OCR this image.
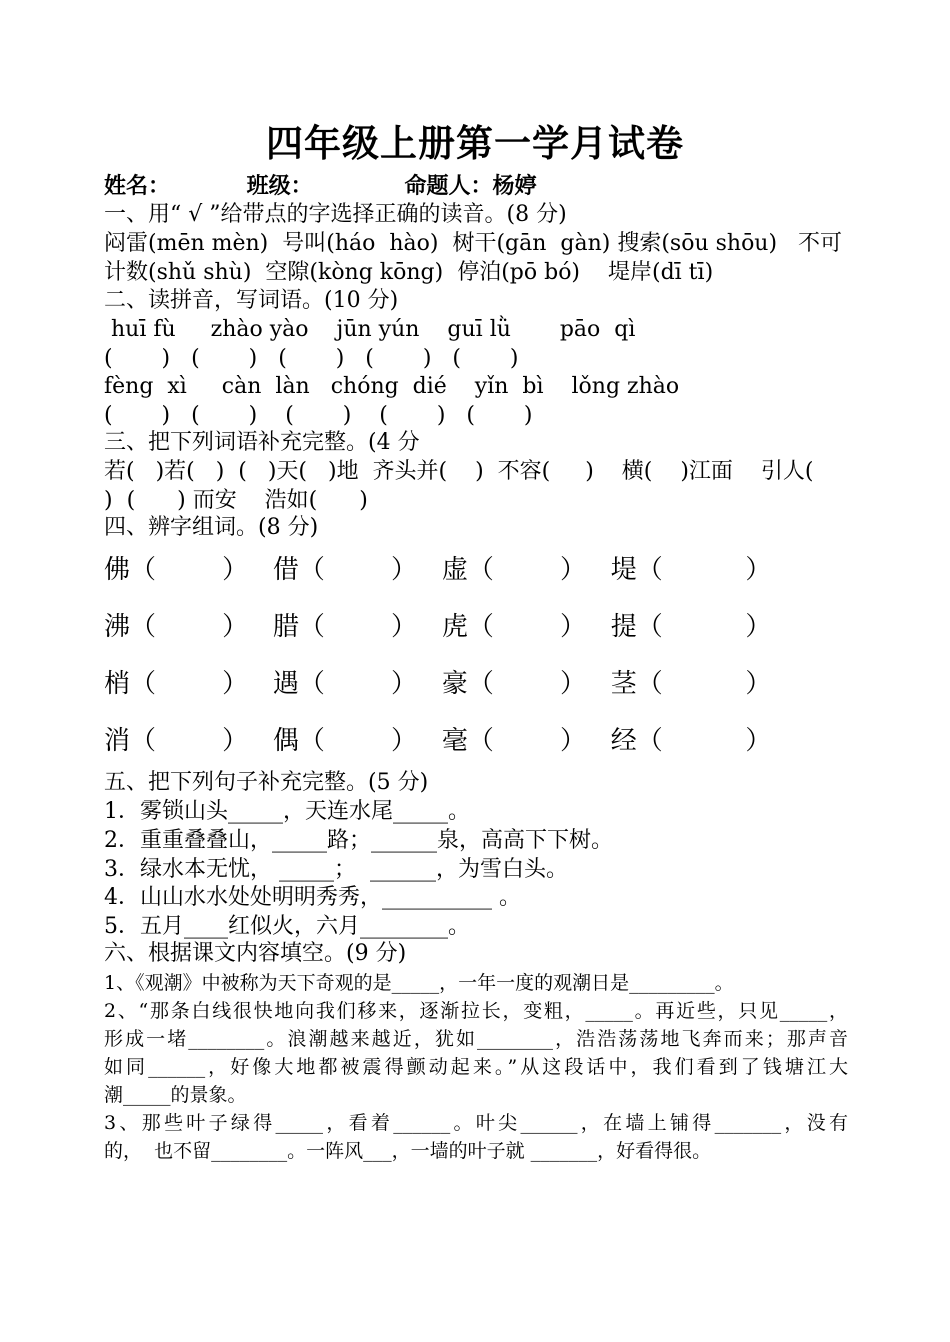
四年级上册第一学月试卷
姓名：          班级：            命题人：杨婷
一、用“ √ ”给带点的字选择正确的读音。(8 分)
闷雷(mēn mèn)  号叫(háo  hào)  树干(gān  gàn) 搜索(sōu shōu)   不可
计数(shǔ shù)  空隙(kòng kōng)  停泊(pō bó)    堤岸(dī tī)
二、读拼音，写词语。(10 分)
huī fù     zhào yào    jūn yún    guī lǜ       pāo  qì
(       )   (       )   (       )   (       )   (       )
fèng  xì     càn  làn   chóng  dié    yǐn  bì    lǒng zhào
(       )   (       )    (       )    (       )   (       )
三、把下列词语补充完整。(4 分
若(   )若(   )  (   )天(   )地  齐头并(    )  不容(     )    横(    )江面    引人(
)  (      ) 而安    浩如(      )
四、辨字组词。(8 分)
佛（        ）   借（        ）   虚（        ）   堤（          ）
沸（        ）   腊（        ）   虎（        ）   提（          ）
梢（        ）   遇（        ）   豪（        ）   茎（          ）
消（        ）   偶（        ）   毫（        ）   经（          ）
五、把下列句子补充完整。(5 分)
1．雾锁山头_____，天连水尾_____。
2．重重叠叠山，_____路；______泉，高高下下树。
3．绿水本无忧， _____；  ______，为雪白头。
4．山山水水处处明明秀秀，__________ 。
5．五月____红似火，六月________。
六、根据课文内容填空。(9 分)
1、《观潮》中被称为天下奇观的是_____，一年一度的观潮日是_________。
2、“那条白线很快地向我们移来，逐渐拉长，变粗，_____。再近些，只见_____，
形成一堵________。浪潮越来越近，犹如________，浩浩荡荡地飞奔而来；那声音
如同______，好像大地都被震得颤动起来。”从这段话中，我们看到了钱塘江大
潮_____的景象。
3、那些叶子绿得_____，看着______。叶尖______，在墙上铺得_______，没有
的，  也不留________。一阵风___，一墙的叶子就 _______，好看得很。
